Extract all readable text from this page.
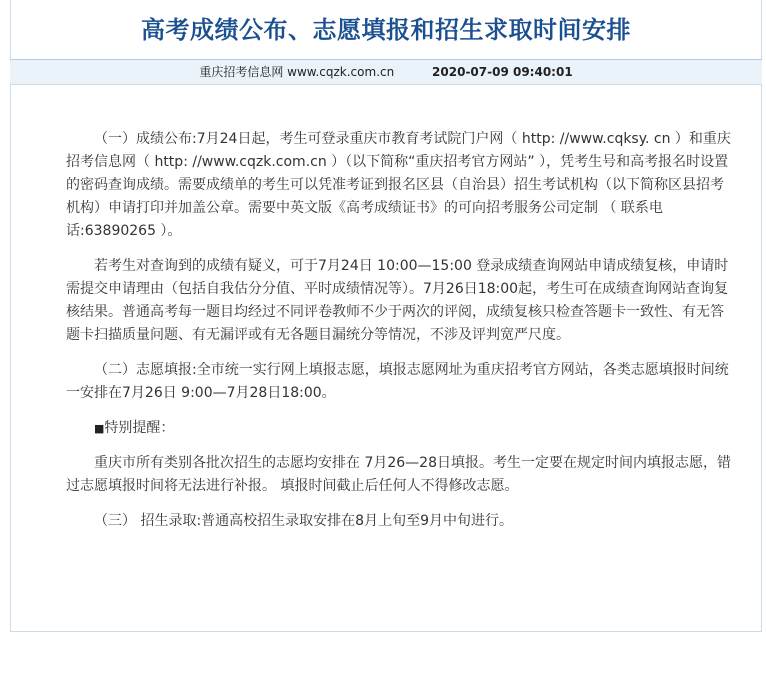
高考成绩公布、志愿填报和招生求取时间安排
重庆招考信息网 www.cqzk.com.cn	2020-07-09 09:40:01

（一）成绩公布:7月24日起，考生可登录重庆市教育考试院门户网（ http: //www.cqksy. cn ）和重庆招考信息网（ http: //www.cqzk.com.cn ）（以下简称“重庆招考官方网站” ），凭考生号和高考报名时设置的密码查询成绩。需要成绩单的考生可以凭准考证到报名区县（自治县）招生考试机构（以下简称区县招考机构）申请打印并加盖公章。需要中英文版《高考成绩证书》的可向招考服务公司定制 （ 联系电话:63890265 ）。

若考生对查询到的成绩有疑义，可于7月24日 10:00—15:00 登录成绩查询网站申请成绩复核，申请时需提交申请理由（包括自我估分分值、平时成绩情况等）。7月26日18:00起，考生可在成绩查询网站查询复核结果。普通高考每一题目均经过不同评卷教师不少于两次的评阅，成绩复核只检查答题卡一致性、有无答题卡扫描质量问题、有无漏评或有无各题目漏统分等情况，不涉及评判宽严尺度。

（二）志愿填报:全市统一实行网上填报志愿，填报志愿网址为重庆招考官方网站，各类志愿填报时间统一安排在7月26日 9:00—7月28日18:00。

■特别提醒：

重庆市所有类别各批次招生的志愿均安排在 7月26—28日填报。考生一定要在规定时间内填报志愿，错过志愿填报时间将无法进行补报。 填报时间截止后任何人不得修改志愿。

（三） 招生录取:普通高校招生录取安排在8月上旬至9月中旬进行。
